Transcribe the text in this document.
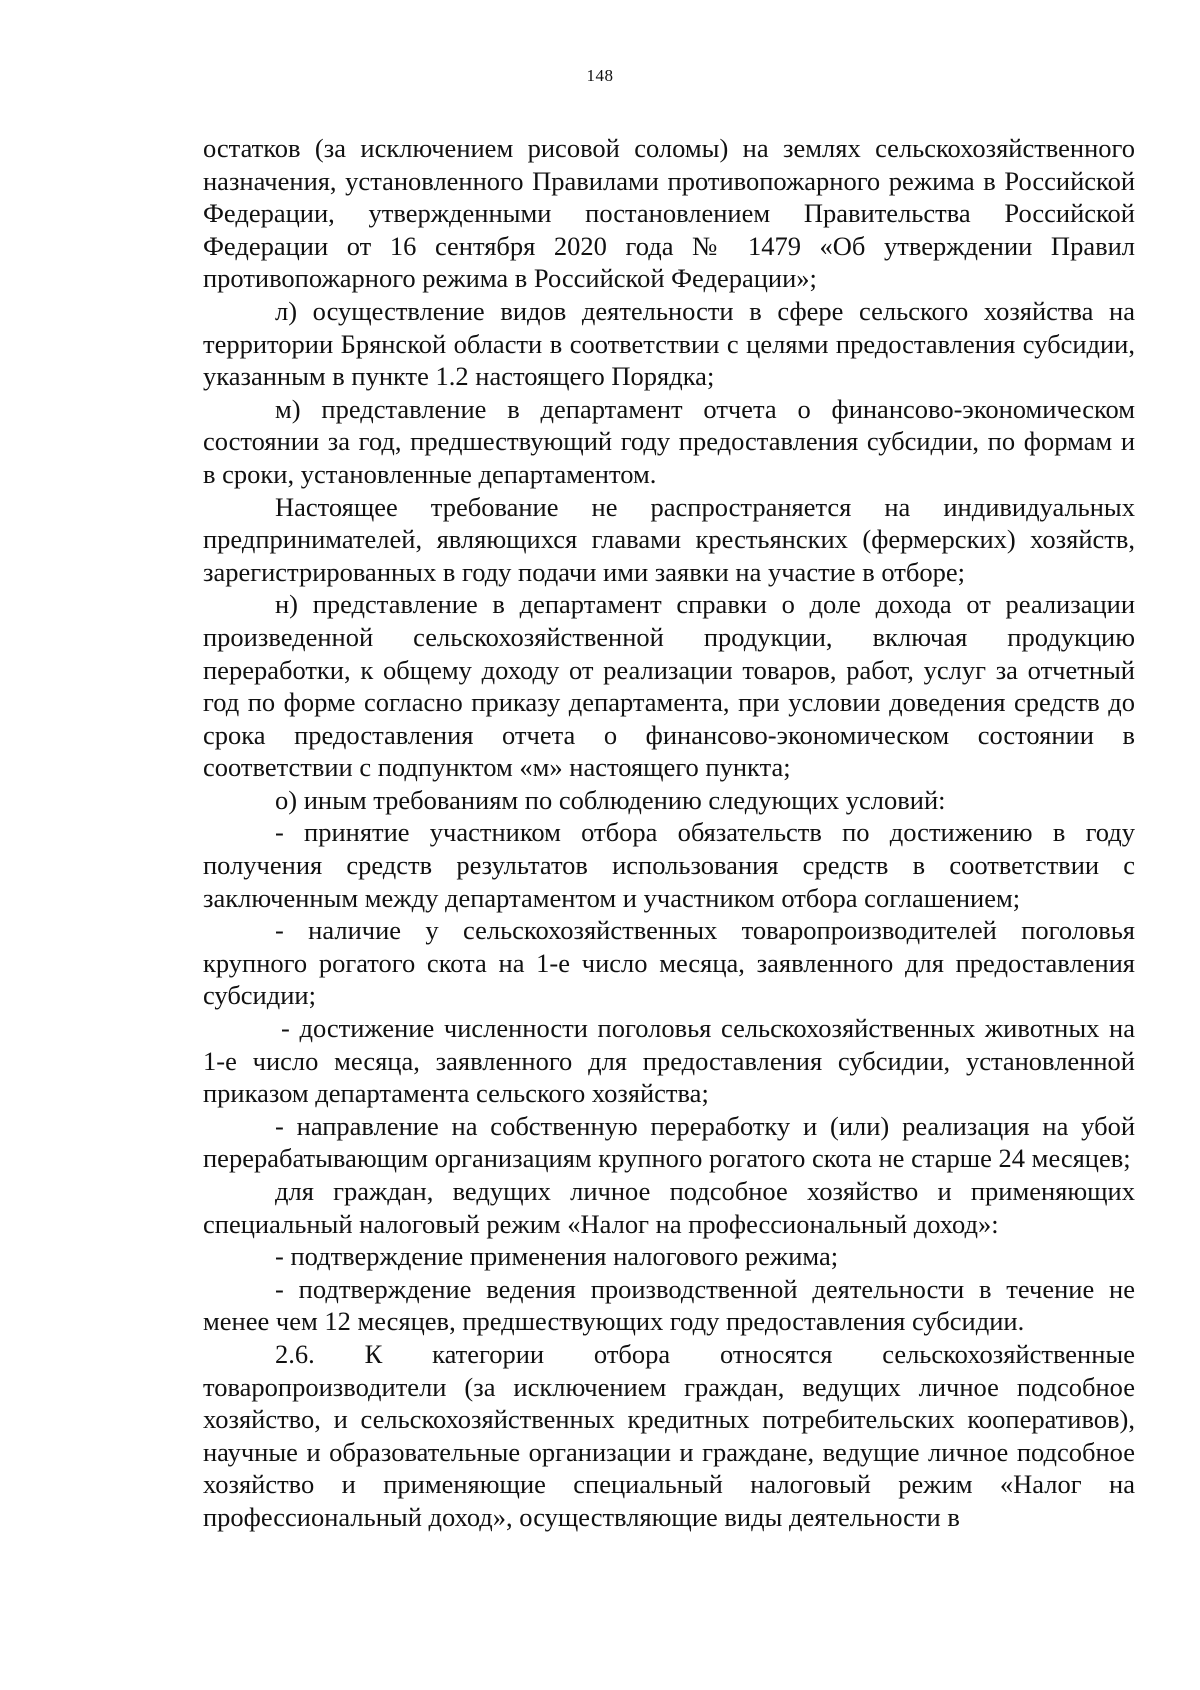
148

остатков (за исключением рисовой соломы) на землях сельскохозяйственного назначения, установленного Правилами противопожарного режима в Российской Федерации, утвержденными постановлением Правительства Российской Федерации от 16 сентября 2020 года № 1479 «Об утверждении Правил противопожарного режима в Российской Федерации»;

л) осуществление видов деятельности в сфере сельского хозяйства на территории Брянской области в соответствии с целями предоставления субсидии, указанным в пункте 1.2 настоящего Порядка;

м) представление в департамент отчета о финансово-экономическом состоянии за год, предшествующий году предоставления субсидии, по формам и в сроки, установленные департаментом.

Настоящее требование не распространяется на индивидуальных предпринимателей, являющихся главами крестьянских (фермерских) хозяйств, зарегистрированных в году подачи ими заявки на участие в отборе;

н) представление в департамент справки о доле дохода от реализации произведенной сельскохозяйственной продукции, включая продукцию переработки, к общему доходу от реализации товаров, работ, услуг за отчетный год по форме согласно приказу департамента, при условии доведения средств до срока предоставления отчета о финансово-экономическом состоянии в соответствии с подпунктом «м» настоящего пункта;

о) иным требованиям по соблюдению следующих условий:

- принятие участником отбора обязательств по достижению в году получения средств результатов использования средств в соответствии с заключенным между департаментом и участником отбора соглашением;

- наличие у сельскохозяйственных товаропроизводителей поголовья крупного рогатого скота на 1-е число месяца, заявленного для предоставления субсидии;

- достижение численности поголовья сельскохозяйственных животных на 1-е число месяца, заявленного для предоставления субсидии, установленной приказом департамента сельского хозяйства;

- направление на собственную переработку и (или) реализация на убой перерабатывающим организациям крупного рогатого скота не старше 24 месяцев;

для граждан, ведущих личное подсобное хозяйство и применяющих специальный налоговый режим «Налог на профессиональный доход»:

- подтверждение применения налогового режима;

- подтверждение ведения производственной деятельности в течение не менее чем 12 месяцев, предшествующих году предоставления субсидии.

2.6. К категории отбора относятся сельскохозяйственные товаропроизводители (за исключением граждан, ведущих личное подсобное хозяйство, и сельскохозяйственных кредитных потребительских кооперативов), научные и образовательные организации и граждане, ведущие личное подсобное хозяйство и применяющие специальный налоговый режим «Налог на профессиональный доход», осуществляющие виды деятельности в
